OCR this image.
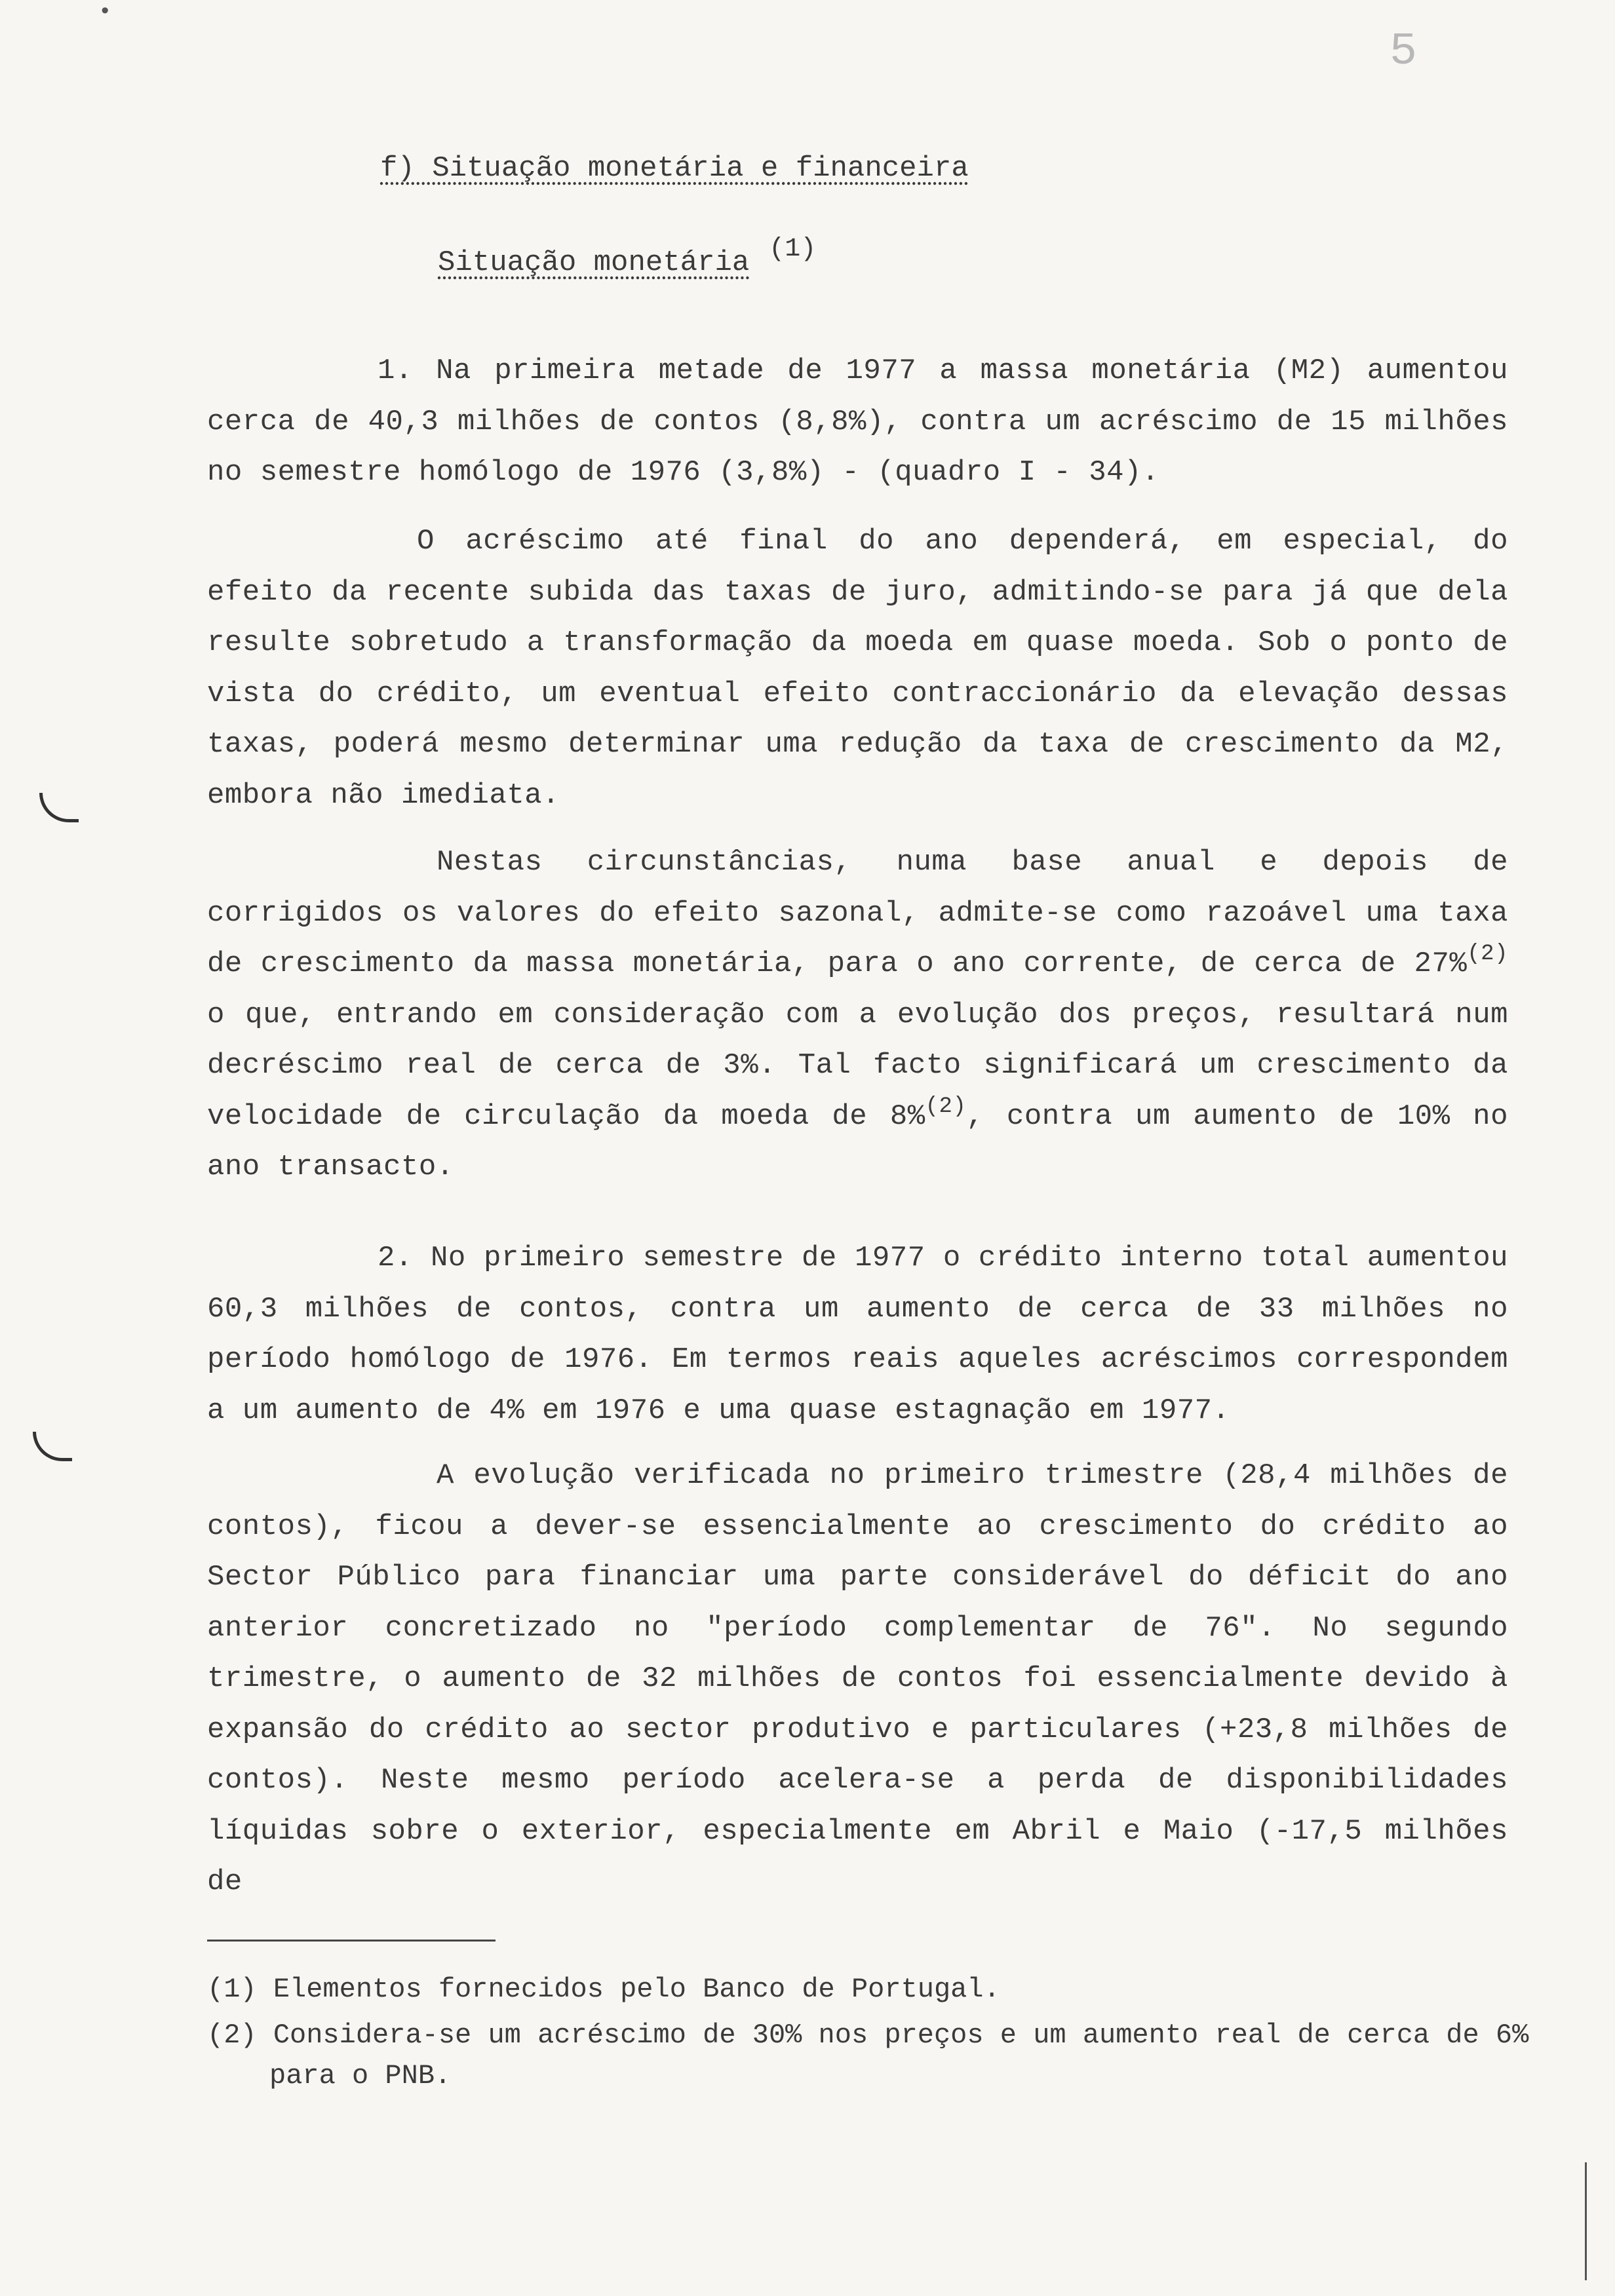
5
•
f) Situação monetária e financeira
Situação monetária $^{(1)}$
1. Na primeira metade de 1977 a massa monetária (M2) aumentou cerca de 40,3 milhões de contos (8,8%), contra um acréscimo de 15 milhões no semestre homólogo de 1976 (3,8%) - (quadro I - 34).
O acréscimo até final do ano dependerá, em especial, do efeito da recente subida das taxas de juro, admitindo-se para já que dela resulte sobretudo a transformação da moeda em quase moeda. Sob o ponto de vista do crédito, um eventual efeito contraccionário da elevação dessas taxas, poderá mesmo determinar uma redução da taxa de crescimento da M2, embora não imediata.
Nestas circunstâncias, numa base anual e depois de corrigidos os valores do efeito sazonal, admite-se como razoável uma taxa de crescimento da massa monetária, para o ano corrente, de cerca de 27%$^{(2)}$ o que, entrando em consideração com a evolução dos preços, resultará num decréscimo real de cerca de 3%. Tal facto significará um crescimento da velocidade de circulação da moeda de 8%$^{(2)}$, contra um aumento de 10% no ano transacto.
2. No primeiro semestre de 1977 o crédito interno total aumentou 60,3 milhões de contos, contra um aumento de cerca de 33 milhões no período homólogo de 1976. Em termos reais aqueles acréscimos correspondem a um aumento de 4% em 1976 e uma quase estagnação em 1977.
A evolução verificada no primeiro trimestre (28,4 milhões de contos), ficou a dever-se essencialmente ao crescimento do crédito ao Sector Público para financiar uma parte considerável do déficit do ano anterior concretizado no "período complementar de 76". No segundo trimestre, o aumento de 32 milhões de contos foi essencialmente devido à expansão do crédito ao sector produtivo e particulares (+23,8 milhões de contos). Neste mesmo período acelera-se a perda de disponibilidades líquidas sobre o exterior, especialmente em Abril e Maio (-17,5 milhões de
(1) Elementos fornecidos pelo Banco de Portugal.
(2) Considera-se um acréscimo de 30% nos preços e um aumento real de cerca de 6% para o PNB.
